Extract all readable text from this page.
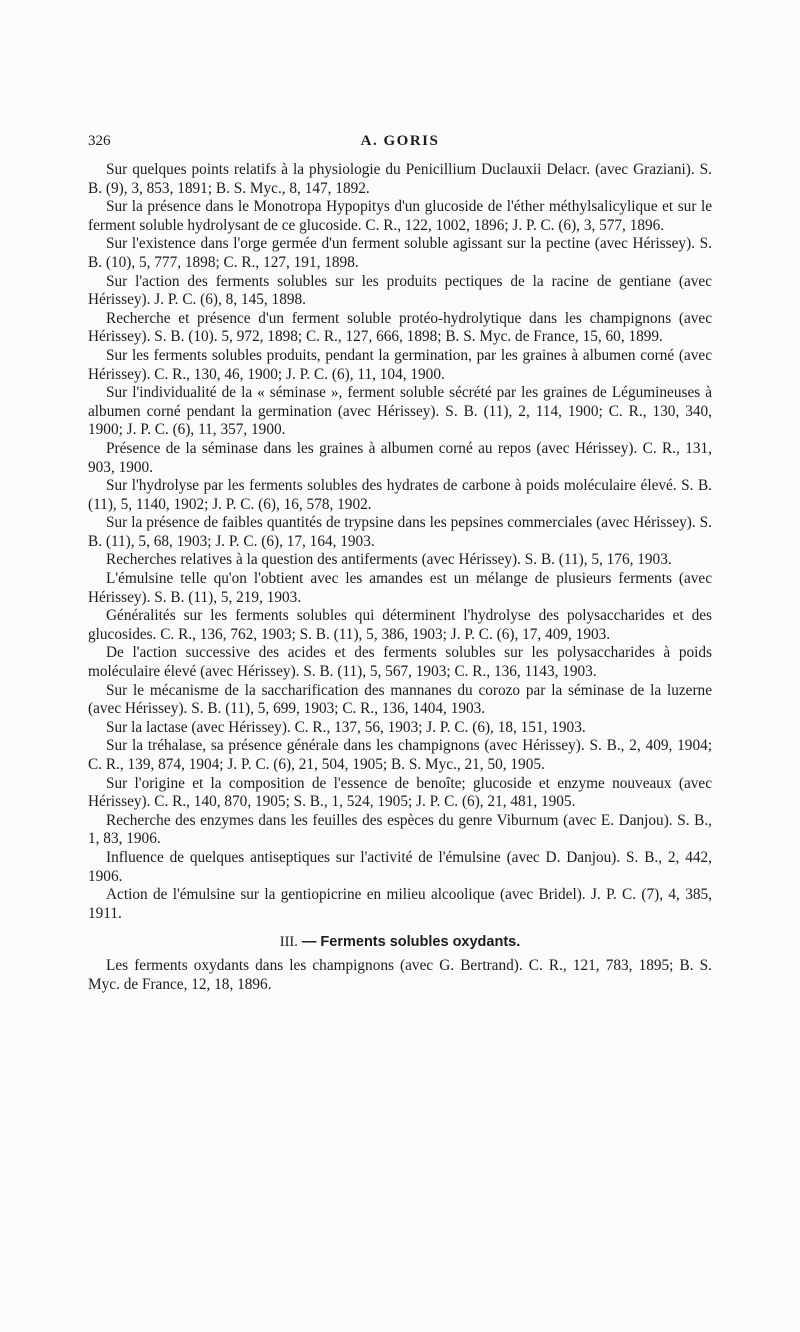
326	A. GORIS

Sur quelques points relatifs à la physiologie du Penicillium Duclauxii Delacr. (avec Graziani). S. B. (9), 3, 853, 1891; B. S. Myc., 8, 147, 1892.

Sur la présence dans le Monotropa Hypopitys d'un glucoside de l'éther méthylsalicylique et sur le ferment soluble hydrolysant de ce glucoside. C. R., 122, 1002, 1896; J. P. C. (6), 3, 577, 1896.

Sur l'existence dans l'orge germée d'un ferment soluble agissant sur la pectine (avec Hérissey). S. B. (10), 5, 777, 1898; C. R., 127, 191, 1898.

Sur l'action des ferments solubles sur les produits pectiques de la racine de gentiane (avec Hérissey). J. P. C. (6), 8, 145, 1898.

Recherche et présence d'un ferment soluble protéo-hydrolytique dans les champignons (avec Hérissey). S. B. (10). 5, 972, 1898; C. R., 127, 666, 1898; B. S. Myc. de France, 15, 60, 1899.

Sur les ferments solubles produits, pendant la germination, par les graines à albumen corné (avec Hérissey). C. R., 130, 46, 1900; J. P. C. (6), 11, 104, 1900.

Sur l'individualité de la « séminase », ferment soluble sécrété par les graines de Légumineuses à albumen corné pendant la germination (avec Hérissey). S. B. (11), 2, 114, 1900; C. R., 130, 340, 1900; J. P. C. (6), 11, 357, 1900.

Présence de la séminase dans les graines à albumen corné au repos (avec Hérissey). C. R., 131, 903, 1900.

Sur l'hydrolyse par les ferments solubles des hydrates de carbone à poids moléculaire élevé. S. B. (11), 5, 1140, 1902; J. P. C. (6), 16, 578, 1902.

Sur la présence de faibles quantités de trypsine dans les pepsines commerciales (avec Hérissey). S. B. (11), 5, 68, 1903; J. P. C. (6), 17, 164, 1903.

Recherches relatives à la question des antiferments (avec Hérissey). S. B. (11), 5, 176, 1903.

L'émulsine telle qu'on l'obtient avec les amandes est un mélange de plusieurs ferments (avec Hérissey). S. B. (11), 5, 219, 1903.

Généralités sur les ferments solubles qui déterminent l'hydrolyse des polysaccharides et des glucosides. C. R., 136, 762, 1903; S. B. (11), 5, 386, 1903; J. P. C. (6), 17, 409, 1903.

De l'action successive des acides et des ferments solubles sur les polysaccharides à poids moléculaire élevé (avec Hérissey). S. B. (11), 5, 567, 1903; C. R., 136, 1143, 1903.

Sur le mécanisme de la saccharification des mannanes du corozo par la séminase de la luzerne (avec Hérissey). S. B. (11), 5, 699, 1903; C. R., 136, 1404, 1903.

Sur la lactase (avec Hérissey). C. R., 137, 56, 1903; J. P. C. (6), 18, 151, 1903.

Sur la tréhalase, sa présence générale dans les champignons (avec Hérissey). S. B., 2, 409, 1904; C. R., 139, 874, 1904; J. P. C. (6), 21, 504, 1905; B. S. Myc., 21, 50, 1905.

Sur l'origine et la composition de l'essence de benoîte; glucoside et enzyme nouveaux (avec Hérissey). C. R., 140, 870, 1905; S. B., 1, 524, 1905; J. P. C. (6), 21, 481, 1905.

Recherche des enzymes dans les feuilles des espèces du genre Viburnum (avec E. Danjou). S. B., 1, 83, 1906.

Influence de quelques antiseptiques sur l'activité de l'émulsine (avec D. Danjou). S. B., 2, 442, 1906.

Action de l'émulsine sur la gentiopicrine en milieu alcoolique (avec Bridel). J. P. C. (7), 4, 385, 1911.

III. — Ferments solubles oxydants.

Les ferments oxydants dans les champignons (avec G. Bertrand). C. R., 121, 783, 1895; B. S. Myc. de France, 12, 18, 1896.
